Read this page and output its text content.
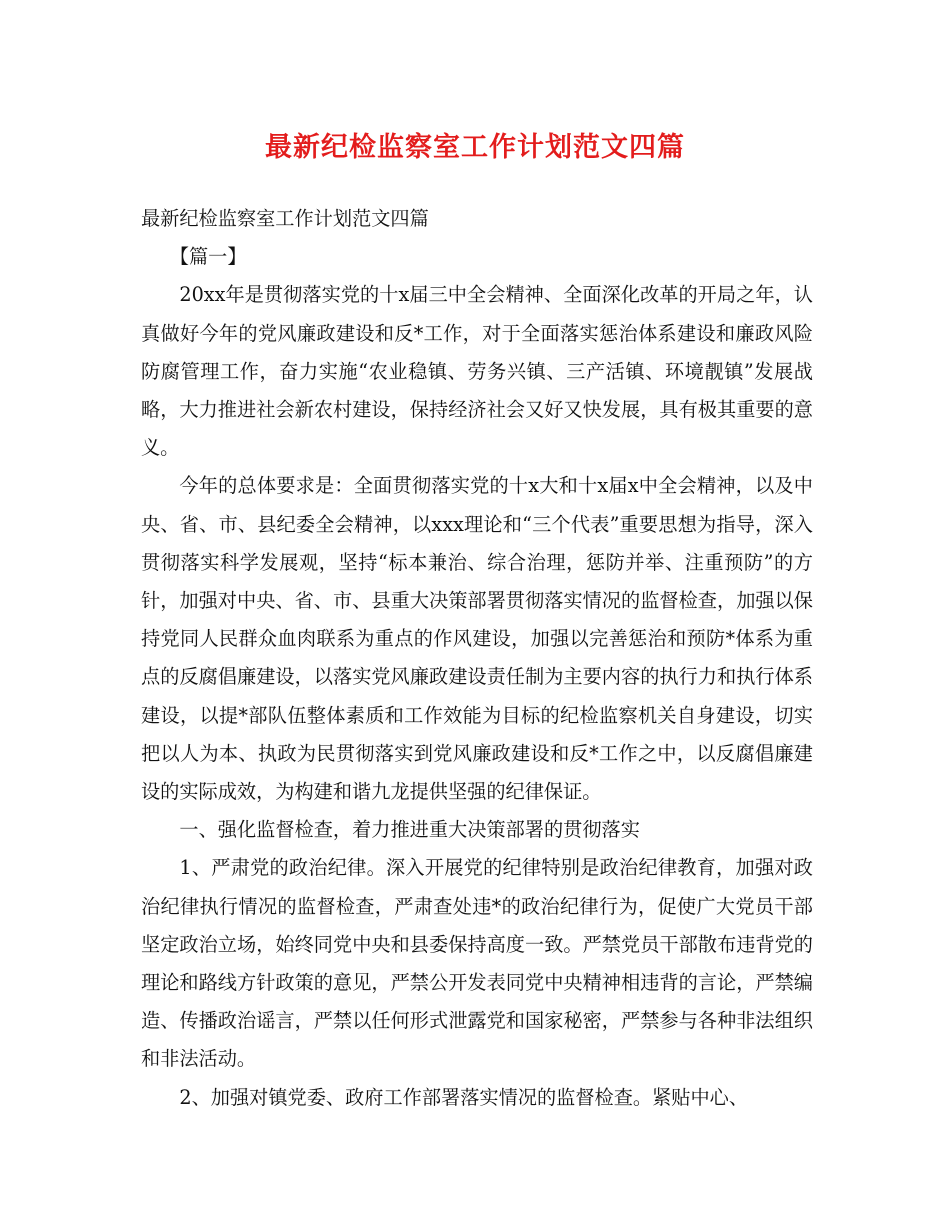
最新纪检监察室工作计划范文四篇

最新纪检监察室工作计划范文四篇

【篇一】

20xx年是贯彻落实党的十x届三中全会精神、全面深化改革的开局之年，认真做好今年的党风廉政建设和反*工作，对于全面落实惩治体系建设和廉政风险防腐管理工作，奋力实施“农业稳镇、劳务兴镇、三产活镇、环境靓镇”发展战略，大力推进社会新农村建设，保持经济社会又好又快发展，具有极其重要的意义。

今年的总体要求是：全面贯彻落实党的十x大和十x届x中全会精神，以及中央、省、市、县纪委全会精神，以xxx理论和“三个代表”重要思想为指导，深入贯彻落实科学发展观，坚持“标本兼治、综合治理，惩防并举、注重预防”的方针，加强对中央、省、市、县重大决策部署贯彻落实情况的监督检查，加强以保持党同人民群众血肉联系为重点的作风建设，加强以完善惩治和预防*体系为重点的反腐倡廉建设，以落实党风廉政建设责任制为主要内容的执行力和执行体系建设，以提*部队伍整体素质和工作效能为目标的纪检监察机关自身建设，切实把以人为本、执政为民贯彻落实到党风廉政建设和反*工作之中，以反腐倡廉建设的实际成效，为构建和谐九龙提供坚强的纪律保证。

一、强化监督检查，着力推进重大决策部署的贯彻落实

1、严肃党的政治纪律。深入开展党的纪律特别是政治纪律教育，加强对政治纪律执行情况的监督检查，严肃查处违*的政治纪律行为，促使广大党员干部坚定政治立场，始终同党中央和县委保持高度一致。严禁党员干部散布违背党的理论和路线方针政策的意见，严禁公开发表同党中央精神相违背的言论，严禁编造、传播政治谣言，严禁以任何形式泄露党和国家秘密，严禁参与各种非法组织和非法活动。

2、加强对镇党委、政府工作部署落实情况的监督检查。紧贴中心、
